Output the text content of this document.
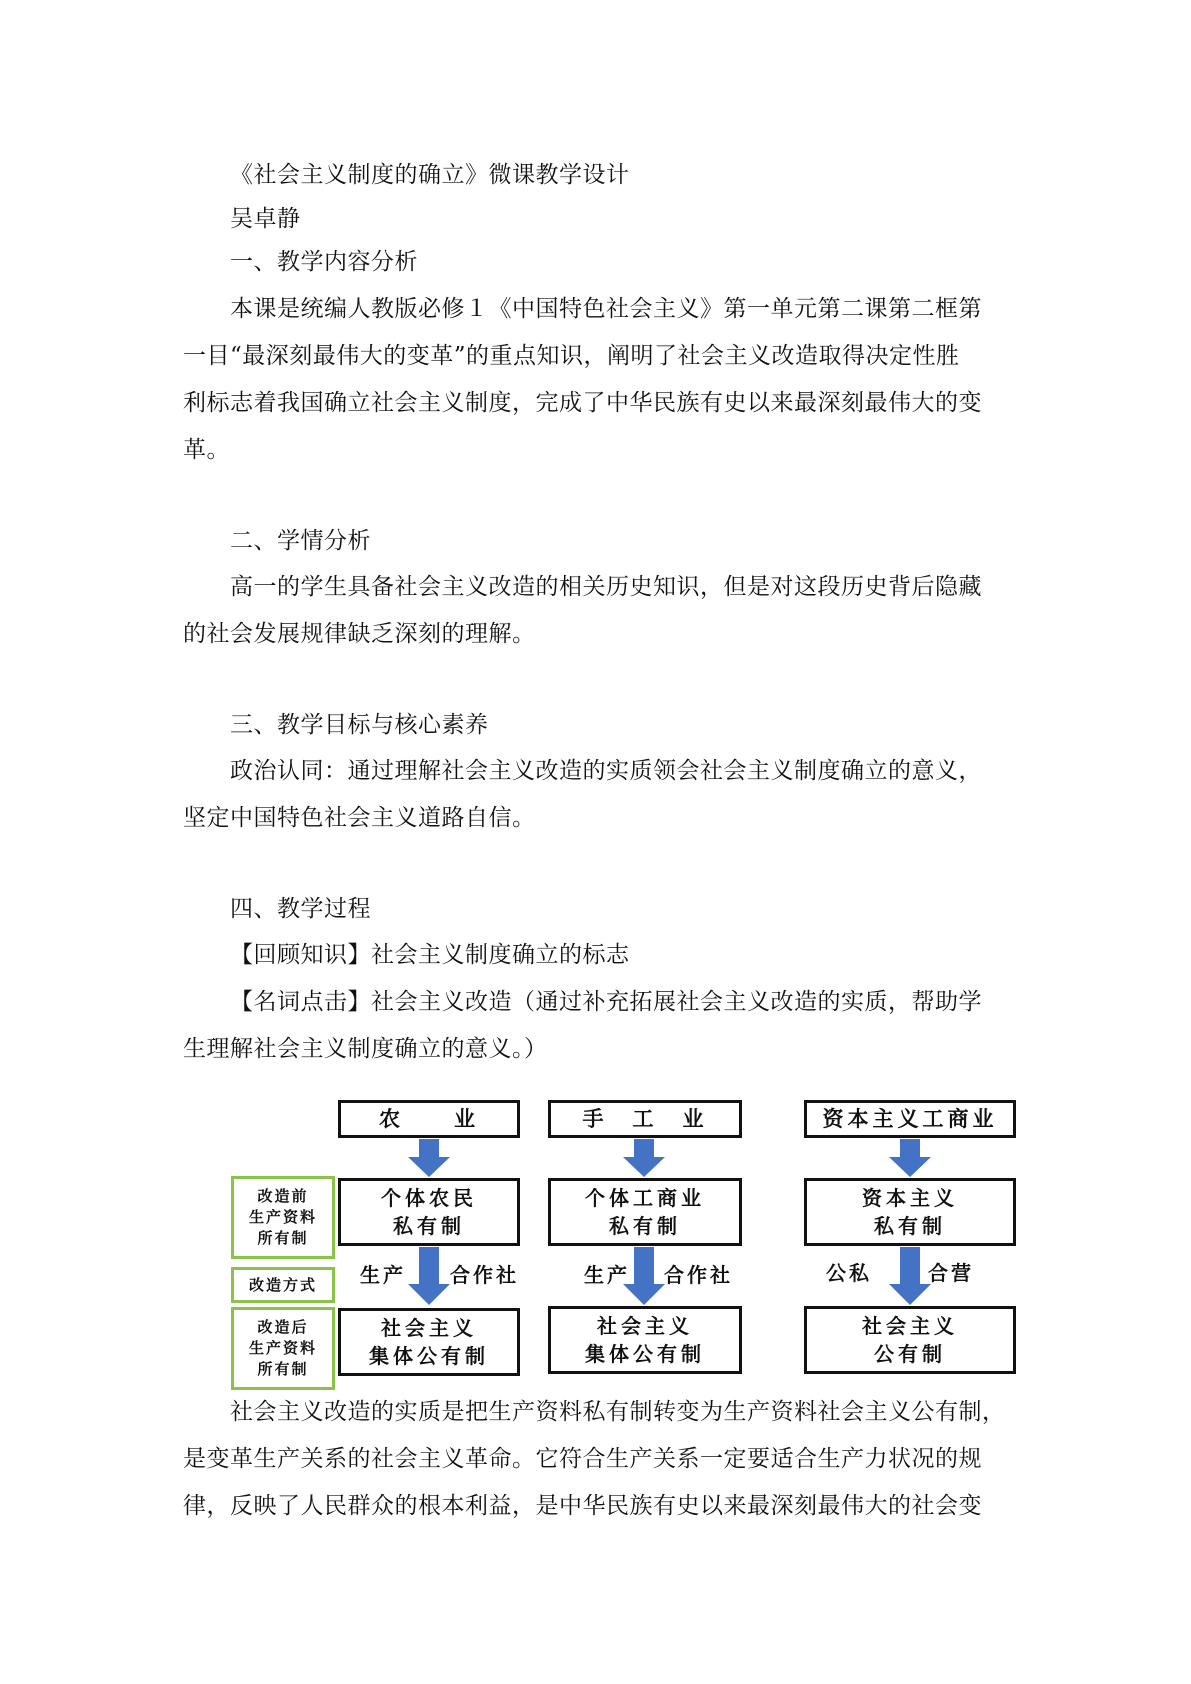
《社会主义制度的确立》微课教学设计
吴卓静
一、教学内容分析
本课是统编人教版必修１《中国特色社会主义》第一单元第二课第二框第
一目“最深刻最伟大的变革”的重点知识，阐明了社会主义改造取得决定性胜
利标志着我国确立社会主义制度，完成了中华民族有史以来最深刻最伟大的变
革。
二、学情分析
高一的学生具备社会主义改造的相关历史知识，但是对这段历史背后隐藏
的社会发展规律缺乏深刻的理解。
三、教学目标与核心素养
政治认同：通过理解社会主义改造的实质领会社会主义制度确立的意义，
坚定中国特色社会主义道路自信。
四、教学过程
【回顾知识】社会主义制度确立的标志
【名词点击】社会主义改造（通过补充拓展社会主义改造的实质，帮助学
生理解社会主义制度确立的意义。）
改造前
生产资料
所有制
改造方式
改造后
生产资料
所有制
农　　业
个体农民
私有制
生产 合作社
社会主义
集体公有制
手　工　业
个体工商业
私有制
生产 合作社
社会主义
集体公有制
资本主义工商业
资本主义
私有制
公私	合营
社会主义
公有制
社会主义改造的实质是把生产资料私有制转变为生产资料社会主义公有制，
是变革生产关系的社会主义革命。它符合生产关系一定要适合生产力状况的规
律，反映了人民群众的根本利益，是中华民族有史以来最深刻最伟大的社会变
